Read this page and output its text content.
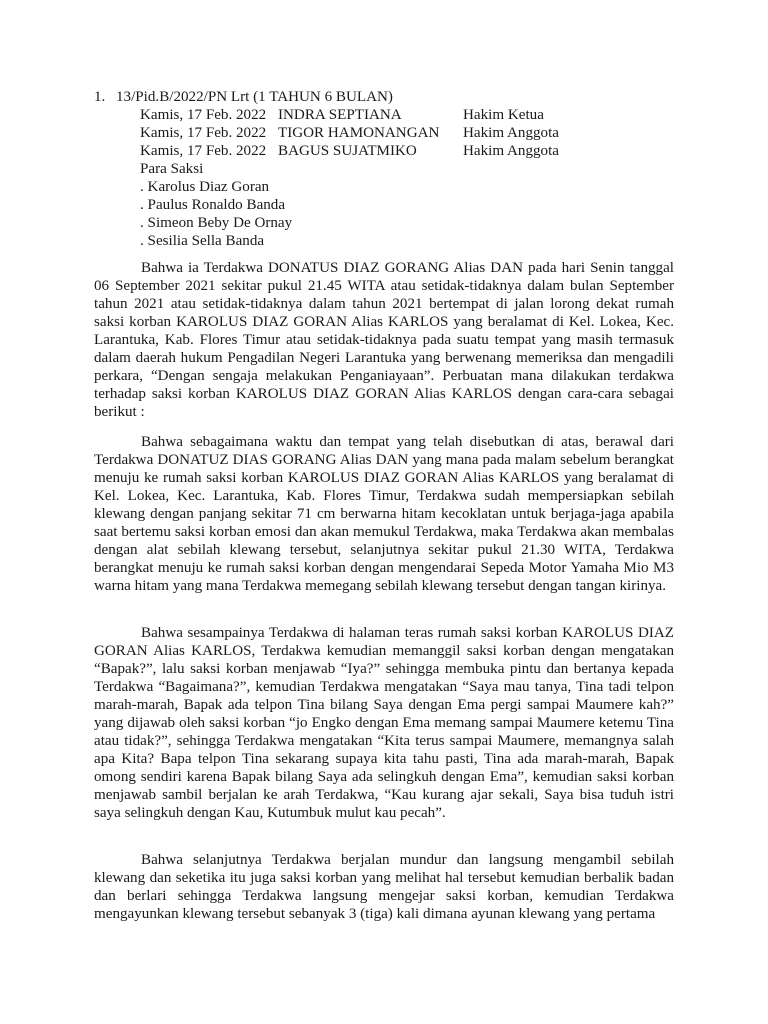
1. 13/Pid.B/2022/PN Lrt (1 TAHUN 6 BULAN)
Kamis, 17 Feb. 2022 INDRA SEPTIANA	Hakim Ketua
Kamis, 17 Feb. 2022 TIGOR HAMONANGAN Hakim Anggota
Kamis, 17 Feb. 2022 BAGUS SUJATMIKO	Hakim Anggota
Para Saksi
. Karolus Diaz Goran
. Paulus Ronaldo Banda
. Simeon Beby De Ornay
. Sesilia Sella Banda

Bahwa ia Terdakwa DONATUS DIAZ GORANG Alias DAN pada hari Senin tanggal 06 September 2021 sekitar pukul 21.45 WITA atau setidak-tidaknya dalam bulan September tahun 2021 atau setidak-tidaknya dalam tahun 2021 bertempat di jalan lorong dekat rumah saksi korban KAROLUS DIAZ GORAN Alias KARLOS yang beralamat di Kel. Lokea, Kec. Larantuka, Kab. Flores Timur atau setidak-tidaknya pada suatu tempat yang masih termasuk dalam daerah hukum Pengadilan Negeri Larantuka yang berwenang memeriksa dan mengadili perkara, “Dengan sengaja melakukan Penganiayaan”. Perbuatan mana dilakukan terdakwa terhadap saksi korban KAROLUS DIAZ GORAN Alias KARLOS dengan cara-cara sebagai berikut :

Bahwa sebagaimana waktu dan tempat yang telah disebutkan di atas, berawal dari Terdakwa DONATUZ DIAS GORANG Alias DAN yang mana pada malam sebelum berangkat menuju ke rumah saksi korban KAROLUS DIAZ GORAN Alias KARLOS yang beralamat di Kel. Lokea, Kec. Larantuka, Kab. Flores Timur, Terdakwa sudah mempersiapkan sebilah klewang dengan panjang sekitar 71 cm berwarna hitam kecoklatan untuk berjaga-jaga apabila saat bertemu saksi korban emosi dan akan memukul Terdakwa, maka Terdakwa akan membalas dengan alat sebilah klewang tersebut, selanjutnya sekitar pukul 21.30 WITA, Terdakwa berangkat menuju ke rumah saksi korban dengan mengendarai Sepeda Motor Yamaha Mio M3 warna hitam yang mana Terdakwa memegang sebilah klewang tersebut dengan tangan kirinya.

Bahwa sesampainya Terdakwa di halaman teras rumah saksi korban KAROLUS DIAZ GORAN Alias KARLOS, Terdakwa kemudian memanggil saksi korban dengan mengatakan “Bapak?”, lalu saksi korban menjawab “Iya?” sehingga membuka pintu dan bertanya kepada Terdakwa “Bagaimana?”, kemudian Terdakwa mengatakan “Saya mau tanya, Tina tadi telpon marah-marah, Bapak ada telpon Tina bilang Saya dengan Ema pergi sampai Maumere kah?” yang dijawab oleh saksi korban “jo Engko dengan Ema memang sampai Maumere ketemu Tina atau tidak?”, sehingga Terdakwa mengatakan “Kita terus sampai Maumere, memangnya salah apa Kita? Bapa telpon Tina sekarang supaya kita tahu pasti, Tina ada marah-marah, Bapak omong sendiri karena Bapak bilang Saya ada selingkuh dengan Ema”, kemudian saksi korban menjawab sambil berjalan ke arah Terdakwa, “Kau kurang ajar sekali, Saya bisa tuduh istri saya selingkuh dengan Kau, Kutumbuk mulut kau pecah”.

Bahwa selanjutnya Terdakwa berjalan mundur dan langsung mengambil sebilah klewang dan seketika itu juga saksi korban yang melihat hal tersebut kemudian berbalik badan dan berlari sehingga Terdakwa langsung mengejar saksi korban, kemudian Terdakwa mengayunkan klewang tersebut sebanyak 3 (tiga) kali dimana ayunan klewang yang pertama
